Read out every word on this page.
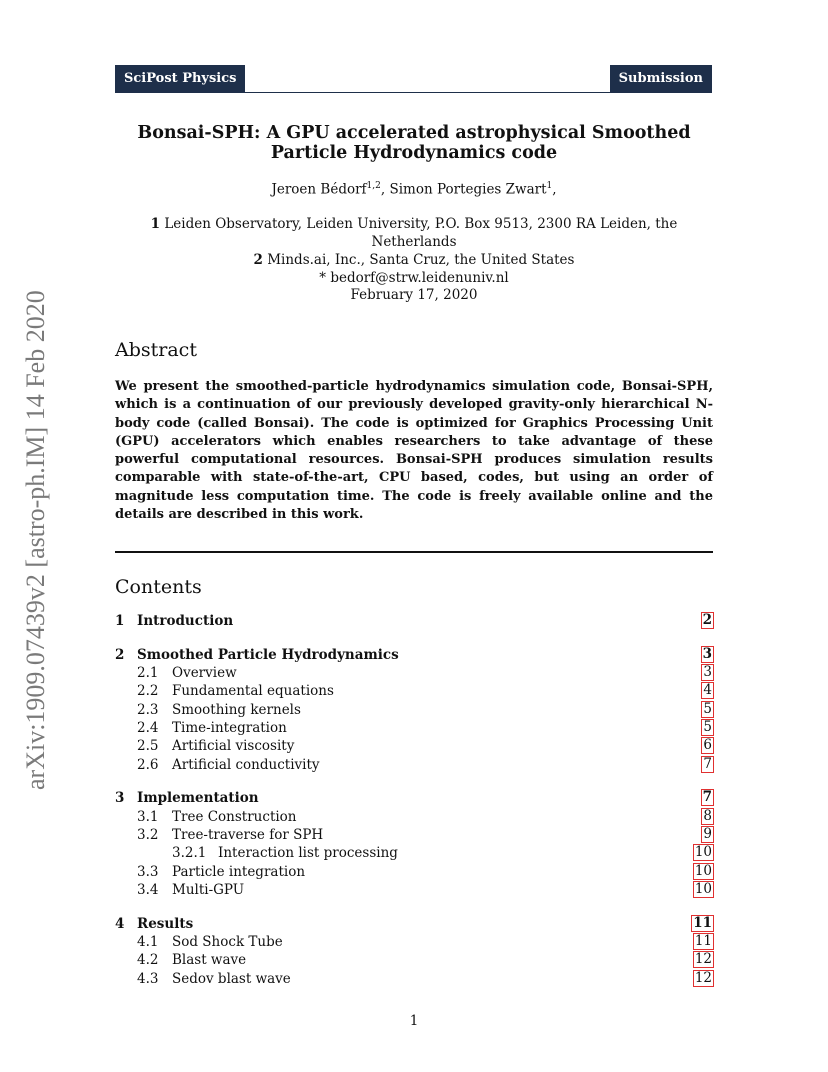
SciPost Physics	Submission
arXiv:1909.07439v2 [astro-ph.IM] 14 Feb 2020
Bonsai-SPH: A GPU accelerated astrophysical Smoothed
Particle Hydrodynamics code
Jeroen Bédorf$^{1,2}$, Simon Portegies Zwart$^1$,
1 Leiden Observatory, Leiden University, P.O. Box 9513, 2300 RA Leiden, the Netherlands
2 Minds.ai, Inc., Santa Cruz, the United States
* bedorf@strw.leidenuniv.nl
February 17, 2020
Abstract
We present the smoothed-particle hydrodynamics simulation code, Bonsai-SPH, which is a continuation of our previously developed gravity-only hierarchical N-body code (called Bonsai). The code is optimized for Graphics Processing Unit (GPU) accelerators which enables researchers to take advantage of these powerful computational resources. Bonsai-SPH produces simulation results comparable with state-of-the-art, CPU based, codes, but using an order of magnitude less computation time. The code is freely available online and the details are described in this work.
Contents
1 Introduction	2
2 Smoothed Particle Hydrodynamics	3
2.1 Overview	3
2.2 Fundamental equations	4
2.3 Smoothing kernels	5
2.4 Time-integration	5
2.5 Artificial viscosity	6
2.6 Artificial conductivity	7
3 Implementation	7
3.1 Tree Construction	8
3.2 Tree-traverse for SPH	9
3.2.1 Interaction list processing	10
3.3 Particle integration	10
3.4 Multi-GPU	10
4 Results	11
4.1 Sod Shock Tube	11
4.2 Blast wave	12
4.3 Sedov blast wave	12
1
